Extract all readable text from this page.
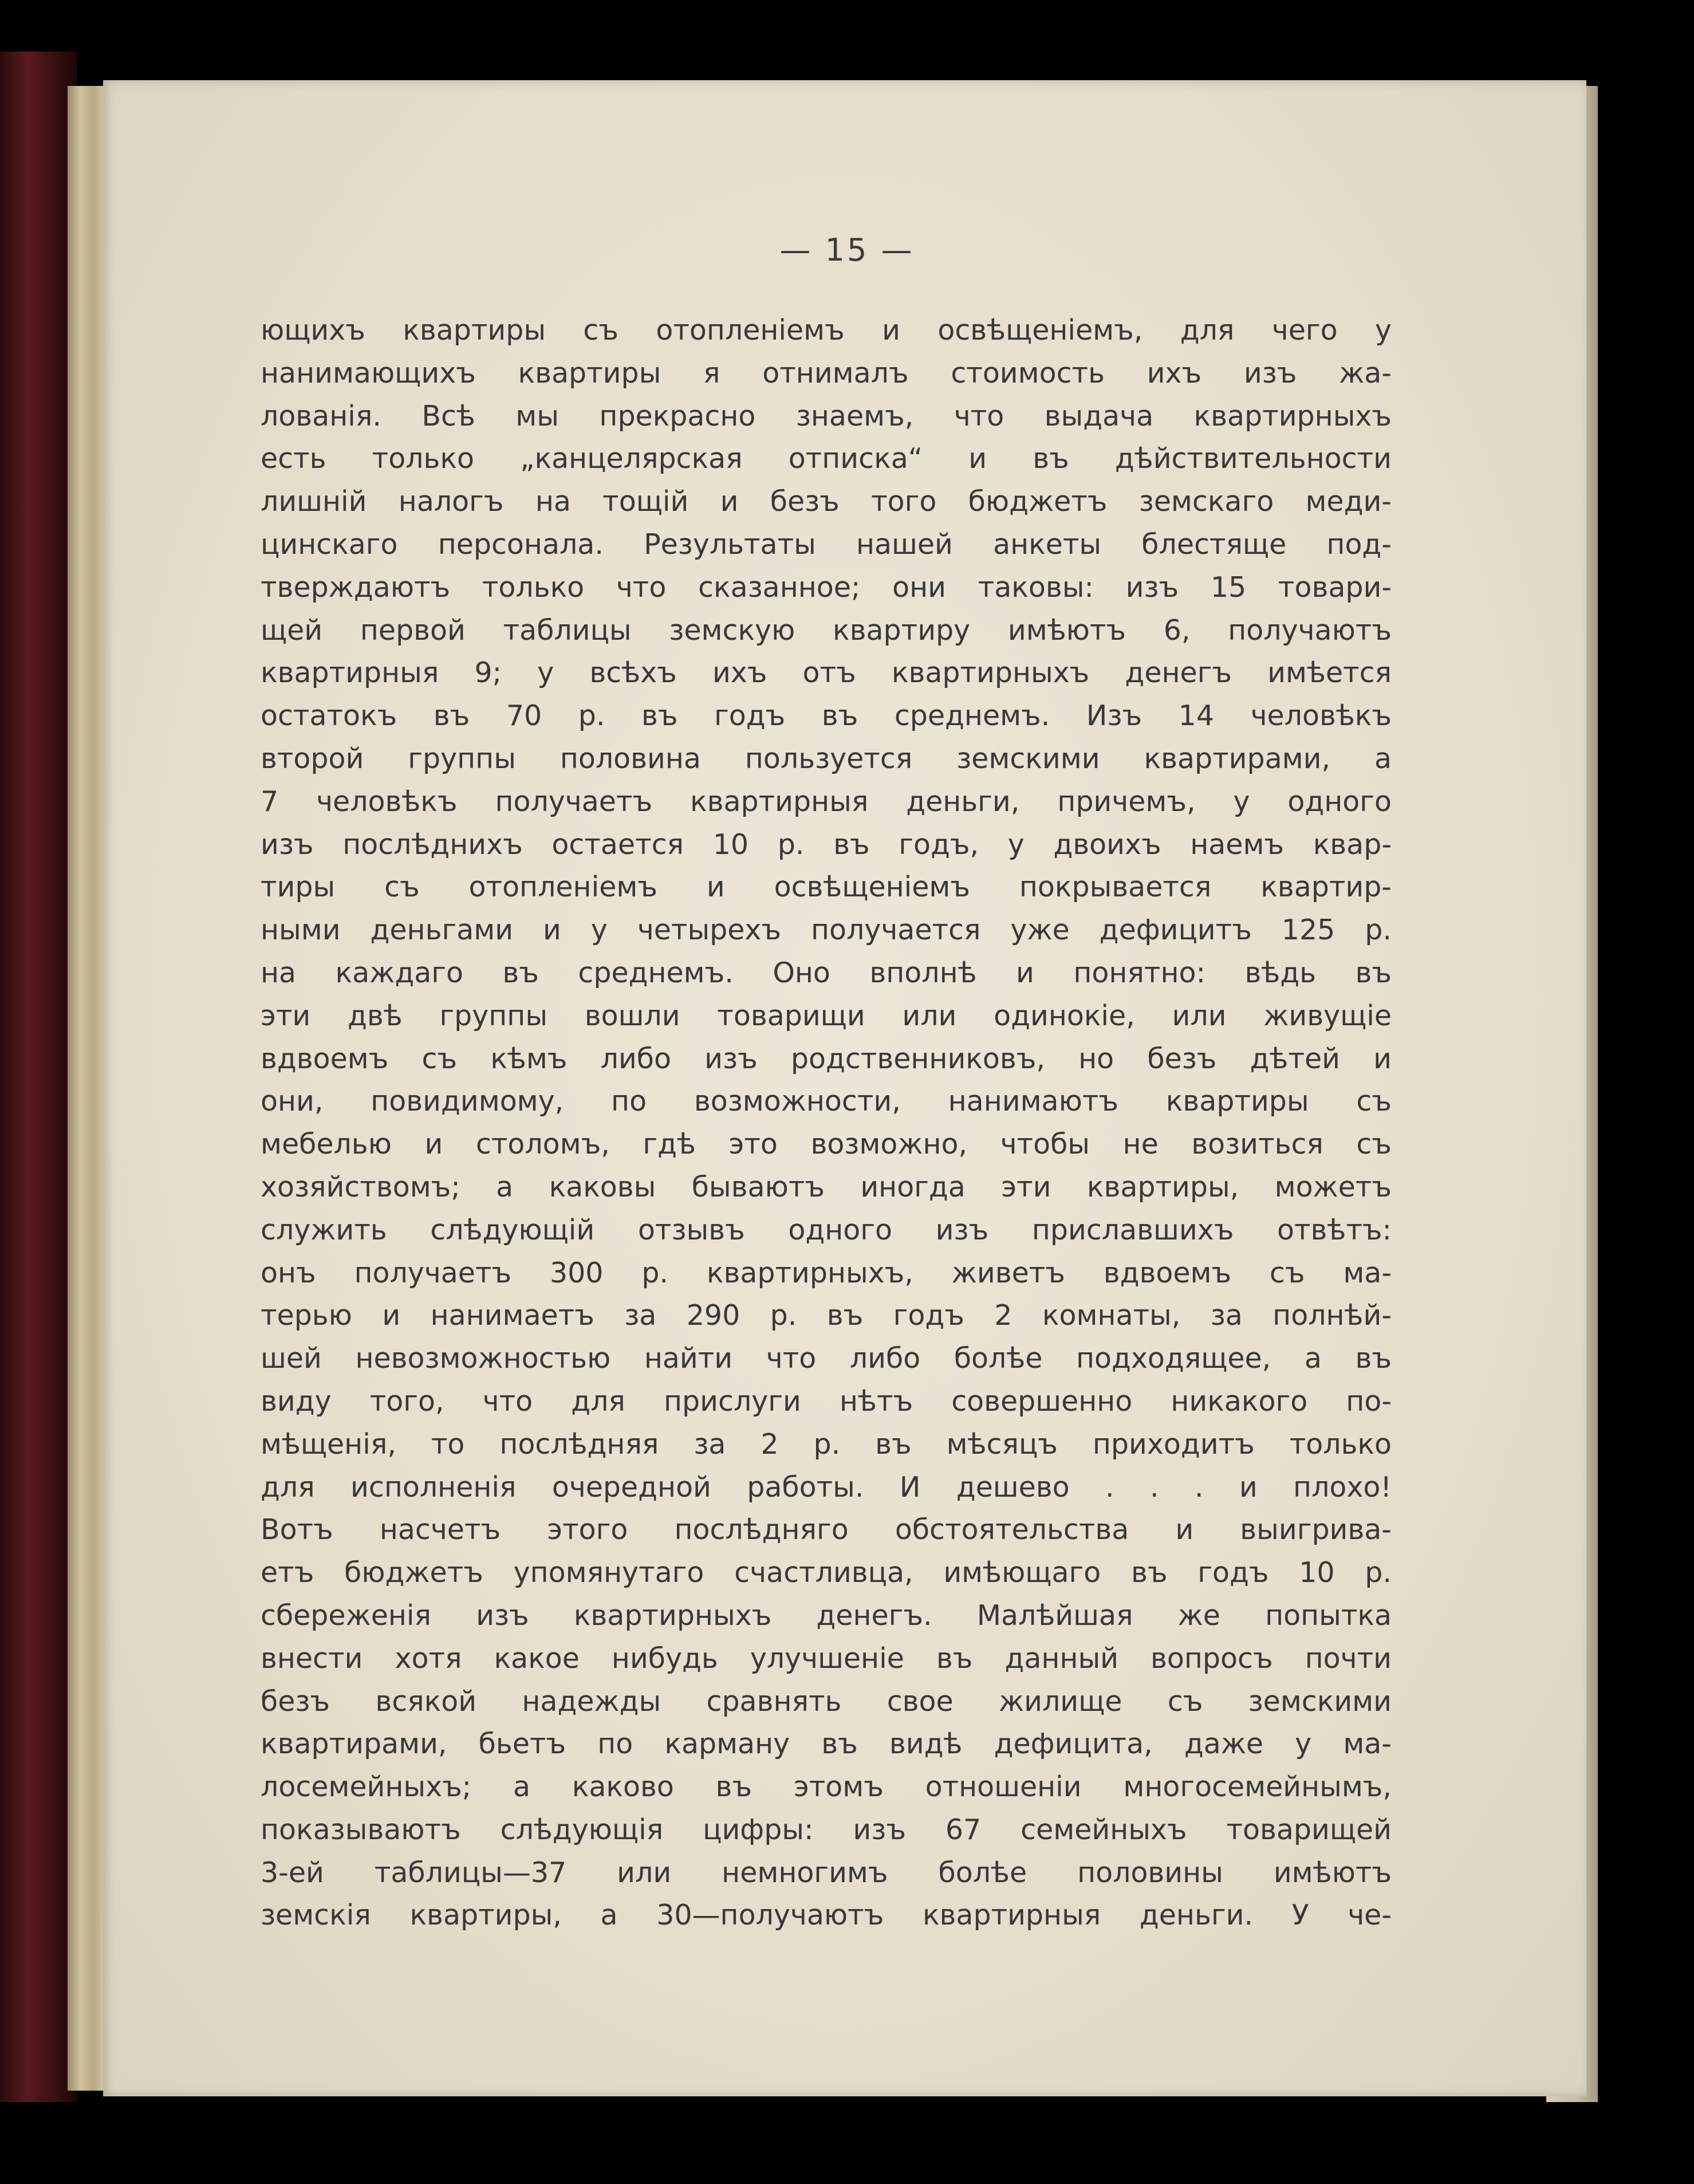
— 15 —
ющихъ квартиры съ отопленiемъ и освѣщенiемъ, для чего у
нанимающихъ квартиры я отнималъ стоимость ихъ изъ жа-
лованiя. Всѣ мы прекрасно знаемъ, что выдача квартирныхъ
есть только „канцелярская отписка“ и въ дѣйствительности
лишнiй налогъ на тощiй и безъ того бюджетъ земскаго меди-
цинскаго персонала. Результаты нашей анкеты блестяще под-
тверждаютъ только что сказанное; они таковы: изъ 15 товари-
щей первой таблицы земскую квартиру имѣютъ 6, получаютъ
квартирныя 9; у всѣхъ ихъ отъ квартирныхъ денегъ имѣется
остатокъ въ 70 р. въ годъ въ среднемъ. Изъ 14 человѣкъ
второй группы половина пользуется земскими квартирами, а
7 человѣкъ получаетъ квартирныя деньги, причемъ, у одного
изъ послѣднихъ остается 10 р. въ годъ, у двоихъ наемъ квар-
тиры съ отопленiемъ и освѣщенiемъ покрывается квартир-
ными деньгами и у четырехъ получается уже дефицитъ 125 р.
на каждаго въ среднемъ. Оно вполнѣ и понятно: вѣдь въ
эти двѣ группы вошли товарищи или одинокiе, или живущiе
вдвоемъ съ кѣмъ либо изъ родственниковъ, но безъ дѣтей и
они, повидимому, по возможности, нанимаютъ квартиры съ
мебелью и столомъ, гдѣ это возможно, чтобы не возиться съ
хозяйствомъ; а каковы бываютъ иногда эти квартиры, можетъ
служить слѣдующiй отзывъ одного изъ приславшихъ отвѣтъ:
онъ получаетъ 300 р. квартирныхъ, живетъ вдвоемъ съ ма-
терью и нанимаетъ за 290 р. въ годъ 2 комнаты, за полнѣй-
шей невозможностью найти что либо болѣе подходящее, а въ
виду того, что для прислуги нѣтъ совершенно никакого по-
мѣщенiя, то послѣдняя за 2 р. въ мѣсяцъ приходитъ только
для исполненiя очередной работы. И дешево . . . и плохо!
Вотъ насчетъ этого послѣдняго обстоятельства и выигрива-
етъ бюджетъ упомянутаго счастливца, имѣющаго въ годъ 10 р.
сбереженiя изъ квартирныхъ денегъ. Малѣйшая же попытка
внести хотя какое нибудь улучшенiе въ данный вопросъ почти
безъ всякой надежды сравнять свое жилище съ земскими
квартирами, бьетъ по карману въ видѣ дефицита, даже у ма-
лосемейныхъ; а каково въ этомъ отношенiи многосемейнымъ,
показываютъ слѣдующiя цифры: изъ 67 семейныхъ товарищей
3-ей таблицы—37 или немногимъ болѣе половины имѣютъ
земскiя квартиры, а 30—получаютъ квартирныя деньги. У че-
